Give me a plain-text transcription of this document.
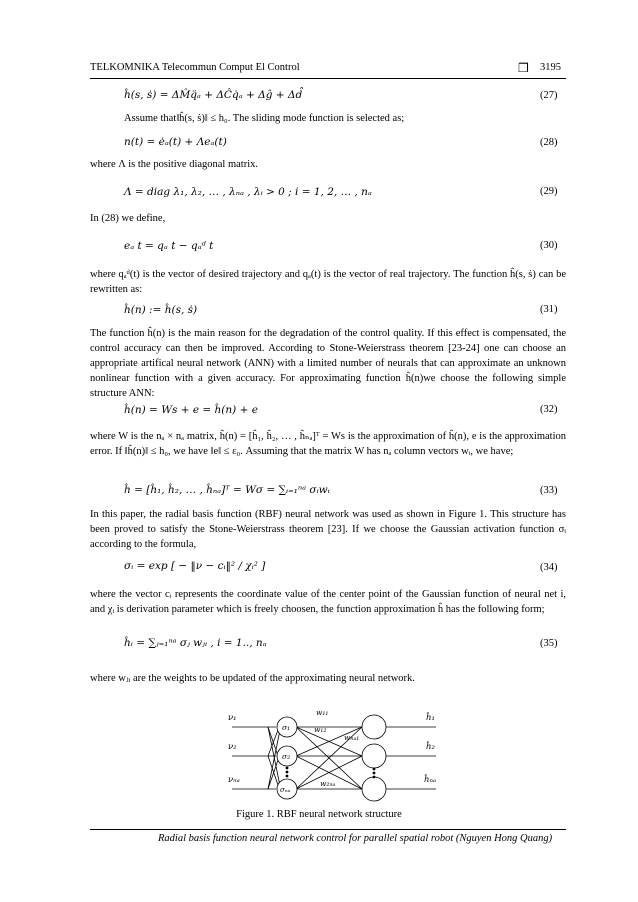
TELKOMNIKA Telecommun Comput El Control	❒ 3195
ĥ(s, ṡ) = ΔM̂q̈ₐ + ΔĈq̇ₐ + Δĝ + Δd̂	(27)
Assume that‖ĥ(s, ṡ)‖ ≤ h₀. The sliding mode function is selected as;
n(t) = ėₐ(t) + Λeₐ(t)	(28)
where Λ is the positive diagonal matrix.
Λ = diag λ₁, λ₂, … , λₙₐ , λᵢ > 0 ; i = 1, 2, … , nₐ	(29)
In (28) we define,
eₐ t = qₐ t − qₐᵈ t	(30)
where qₐᵈ(t) is the vector of desired trajectory and qₐ(t) is the vector of real trajectory. The function ĥ(s, ṡ) can be rewritten as:
ĥ(n) := ĥ(s, ṡ)	(31)
The function ĥ(n) is the main reason for the degradation of the control quality. If this effect is compensated, the control accuracy can then be improved. According to Stone-Weierstrass theorem [23-24] one can choose an appropriate artifical neural network (ANN) with a limited number of neurals that can approximate an unknown nonlinear function with a given accuracy. For approximating function ĥ(n)we choose the following simple structure ANN:
ĥ(n) = Ws + e = ĥ(n) + e	(32)
where W is the nₐ × nₐ matrix, ĥ(n) = [ĥ₁, ĥ₂, … , ĥₙₐ]ᵀ = Ws is the approximation of ĥ(n), e is the approximation error. If ‖ĥ(n)‖ ≤ h₀, we have ‖e‖ ≤ ε₀. Assuming that the matrix W has nₐ column vectors wᵢ, we have;
ĥ = [ĥ₁, ĥ₂, … , ĥₙₐ]ᵀ = Wσ = ∑ᵢ₌₁ⁿᵃ σᵢwᵢ	(33)
In this paper, the radial basis function (RBF) neural network was used as shown in Figure 1. This structure has been proved to satisfy the Stone-Weierstrass theorem [23]. If we choose the Gaussian activation function σᵢ according to the formula,
σᵢ = exp [ − ‖ν − cᵢ‖² / χᵢ² ]	(34)
where the vector cᵢ represents the coordinate value of the center point of the Gaussian function of neural net i, and χᵢ is derivation parameter which is freely choosen, the function approximation ĥ has the following form;
ĥᵢ = ∑ⱼ₌₁ⁿᵃ σⱼ wⱼᵢ , i = 1.., nₐ	(35)
where wⱼᵢ are the weights to be updated of the approximating neural network.
ν₁
ν₂
νₙₐ
σ₁
σ₂
σₙₐ
w₁₁
w₁₂
wₙₐ₁
w₂ₙₐ
ĥ₁
ĥ₂
ĥₙₐ
Figure 1. RBF neural network structure
Radial basis function neural network control for parallel spatial robot (Nguyen Hong Quang)
